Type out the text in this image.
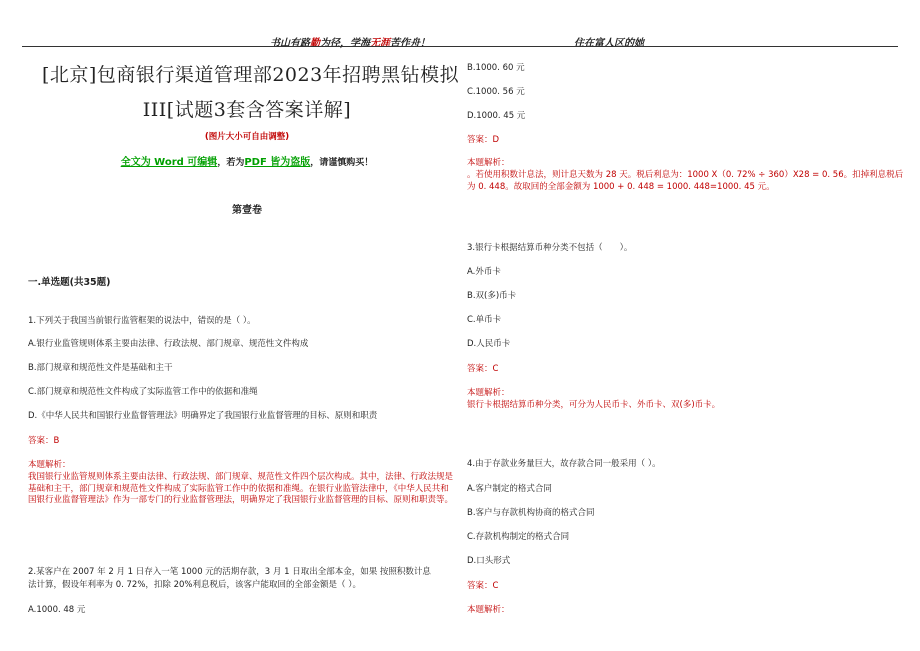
书山有路勤为径，学海无涯苦作舟！	住在富人区的她
[北京]包商银行渠道管理部2023年招聘黑钻模拟
III[试题3套含答案详解]
(图片大小可自由调整)
全文为 Word 可编辑，若为PDF 皆为盗版，请谨慎购买！
第壹卷
一.单选题(共35题)
1.下列关于我国当前银行监管框架的说法中，错误的是（ ）。
A.银行业监管规则体系主要由法律、行政法规、部门规章、规范性文件构成
B.部门规章和规范性文件是基础和主干
C.部门规章和规范性文件构成了实际监管工作中的依据和准绳
D.《中华人民共和国银行业监督管理法》明确界定了我国银行业监督管理的目标、原则和职责
答案：B
本题解析：
我国银行业监管规则体系主要由法律、行政法规、部门规章、规范性文件四个层次构成。其中，法律、行政法规是基础和主干，部门规章和规范性文件构成了实际监管工作中的依据和准绳。在银行业监管法律中，《中华人民共和国银行业监督管理法》作为一部专门的行业监督管理法，明确界定了我国银行业监督管理的目标、原则和职责等。
2.某客户在 2007 年 2 月 1 日存入一笔 1000 元的活期存款，3 月 1 日取出全部本金，如果 按照积数计息
法计算，假设年利率为 0. 72%，扣除 20%利息税后，该客户能取回的全部金额是（ ）。
A.1000. 48 元
B.1000. 60 元
C.1000. 56 元
D.1000. 45 元
答案：D
本题解析：
。若使用积数计息法，则计息天数为 28 天。税后利息为：1000 X（0. 72% ÷ 360）X28 = 0. 56。扣掉利息税后为 0. 448。故取回的全部金额为 1000 + 0. 448 = 1000. 448=1000. 45 元。
3.银行卡根据结算币种分类不包括（　　）。
A.外币卡
B.双(多)币卡
C.单币卡
D.人民币卡
答案：C
本题解析：
银行卡根据结算币种分类，可分为人民币卡、外币卡、双(多)币卡。
4.由于存款业务量巨大，故存款合同一般采用（ ）。
A.客户制定的格式合同
B.客户与存款机构协商的格式合同
C.存款机构制定的格式合同
D.口头形式
答案：C
本题解析：
